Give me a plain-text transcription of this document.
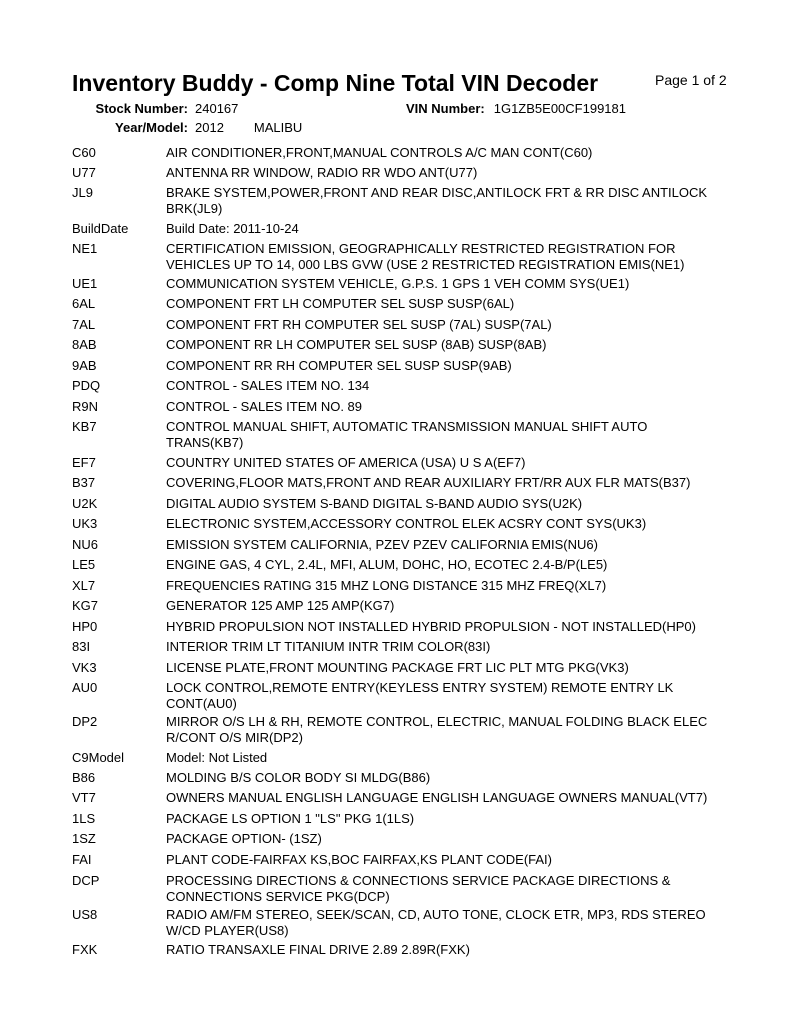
Inventory Buddy - Comp Nine Total VIN Decoder	Page 1 of 2
Stock Number: 240167	VIN Number: 1G1ZB5E00CF199181
Year/Model: 2012 MALIBU
C60	AIR CONDITIONER,FRONT,MANUAL CONTROLS A/C MAN CONT(C60)
U77	ANTENNA RR WINDOW, RADIO RR WDO ANT(U77)
JL9	BRAKE SYSTEM,POWER,FRONT AND REAR DISC,ANTILOCK FRT & RR DISC ANTILOCK BRK(JL9)
BuildDate	Build Date: 2011-10-24
NE1	CERTIFICATION EMISSION, GEOGRAPHICALLY RESTRICTED REGISTRATION FOR VEHICLES UP TO 14, 000 LBS GVW (USE 2 RESTRICTED REGISTRATION EMIS(NE1)
UE1	COMMUNICATION SYSTEM VEHICLE, G.P.S. 1 GPS 1 VEH COMM SYS(UE1)
6AL	COMPONENT FRT LH COMPUTER SEL SUSP SUSP(6AL)
7AL	COMPONENT FRT RH COMPUTER SEL SUSP (7AL) SUSP(7AL)
8AB	COMPONENT RR LH COMPUTER SEL SUSP (8AB) SUSP(8AB)
9AB	COMPONENT RR RH COMPUTER SEL SUSP SUSP(9AB)
PDQ	CONTROL - SALES ITEM NO. 134
R9N	CONTROL - SALES ITEM NO. 89
KB7	CONTROL MANUAL SHIFT, AUTOMATIC TRANSMISSION MANUAL SHIFT AUTO TRANS(KB7)
EF7	COUNTRY UNITED STATES OF AMERICA (USA) U S A(EF7)
B37	COVERING,FLOOR MATS,FRONT AND REAR AUXILIARY FRT/RR AUX FLR MATS(B37)
U2K	DIGITAL AUDIO SYSTEM S-BAND DIGITAL S-BAND AUDIO SYS(U2K)
UK3	ELECTRONIC SYSTEM,ACCESSORY CONTROL ELEK ACSRY CONT SYS(UK3)
NU6	EMISSION SYSTEM CALIFORNIA, PZEV PZEV CALIFORNIA EMIS(NU6)
LE5	ENGINE GAS, 4 CYL, 2.4L, MFI, ALUM, DOHC, HO, ECOTEC 2.4-B/P(LE5)
XL7	FREQUENCIES RATING 315 MHZ LONG DISTANCE 315 MHZ FREQ(XL7)
KG7	GENERATOR 125 AMP 125 AMP(KG7)
HP0	HYBRID PROPULSION NOT INSTALLED HYBRID PROPULSION - NOT INSTALLED(HP0)
83I	INTERIOR TRIM LT TITANIUM INTR TRIM COLOR(83I)
VK3	LICENSE PLATE,FRONT MOUNTING PACKAGE FRT LIC PLT MTG PKG(VK3)
AU0	LOCK CONTROL,REMOTE ENTRY(KEYLESS ENTRY SYSTEM) REMOTE ENTRY LK CONT(AU0)
DP2	MIRROR O/S LH & RH, REMOTE CONTROL, ELECTRIC, MANUAL FOLDING BLACK ELEC R/CONT O/S MIR(DP2)
C9Model	Model: Not Listed
B86	MOLDING B/S COLOR BODY SI MLDG(B86)
VT7	OWNERS MANUAL ENGLISH LANGUAGE ENGLISH LANGUAGE OWNERS MANUAL(VT7)
1LS	PACKAGE LS OPTION 1 "LS" PKG 1(1LS)
1SZ	PACKAGE OPTION- (1SZ)
FAI	PLANT CODE-FAIRFAX KS,BOC FAIRFAX,KS PLANT CODE(FAI)
DCP	PROCESSING DIRECTIONS & CONNECTIONS SERVICE PACKAGE DIRECTIONS & CONNECTIONS SERVICE PKG(DCP)
US8	RADIO AM/FM STEREO, SEEK/SCAN, CD, AUTO TONE, CLOCK ETR, MP3, RDS STEREO W/CD PLAYER(US8)
FXK	RATIO TRANSAXLE FINAL DRIVE 2.89 2.89R(FXK)
